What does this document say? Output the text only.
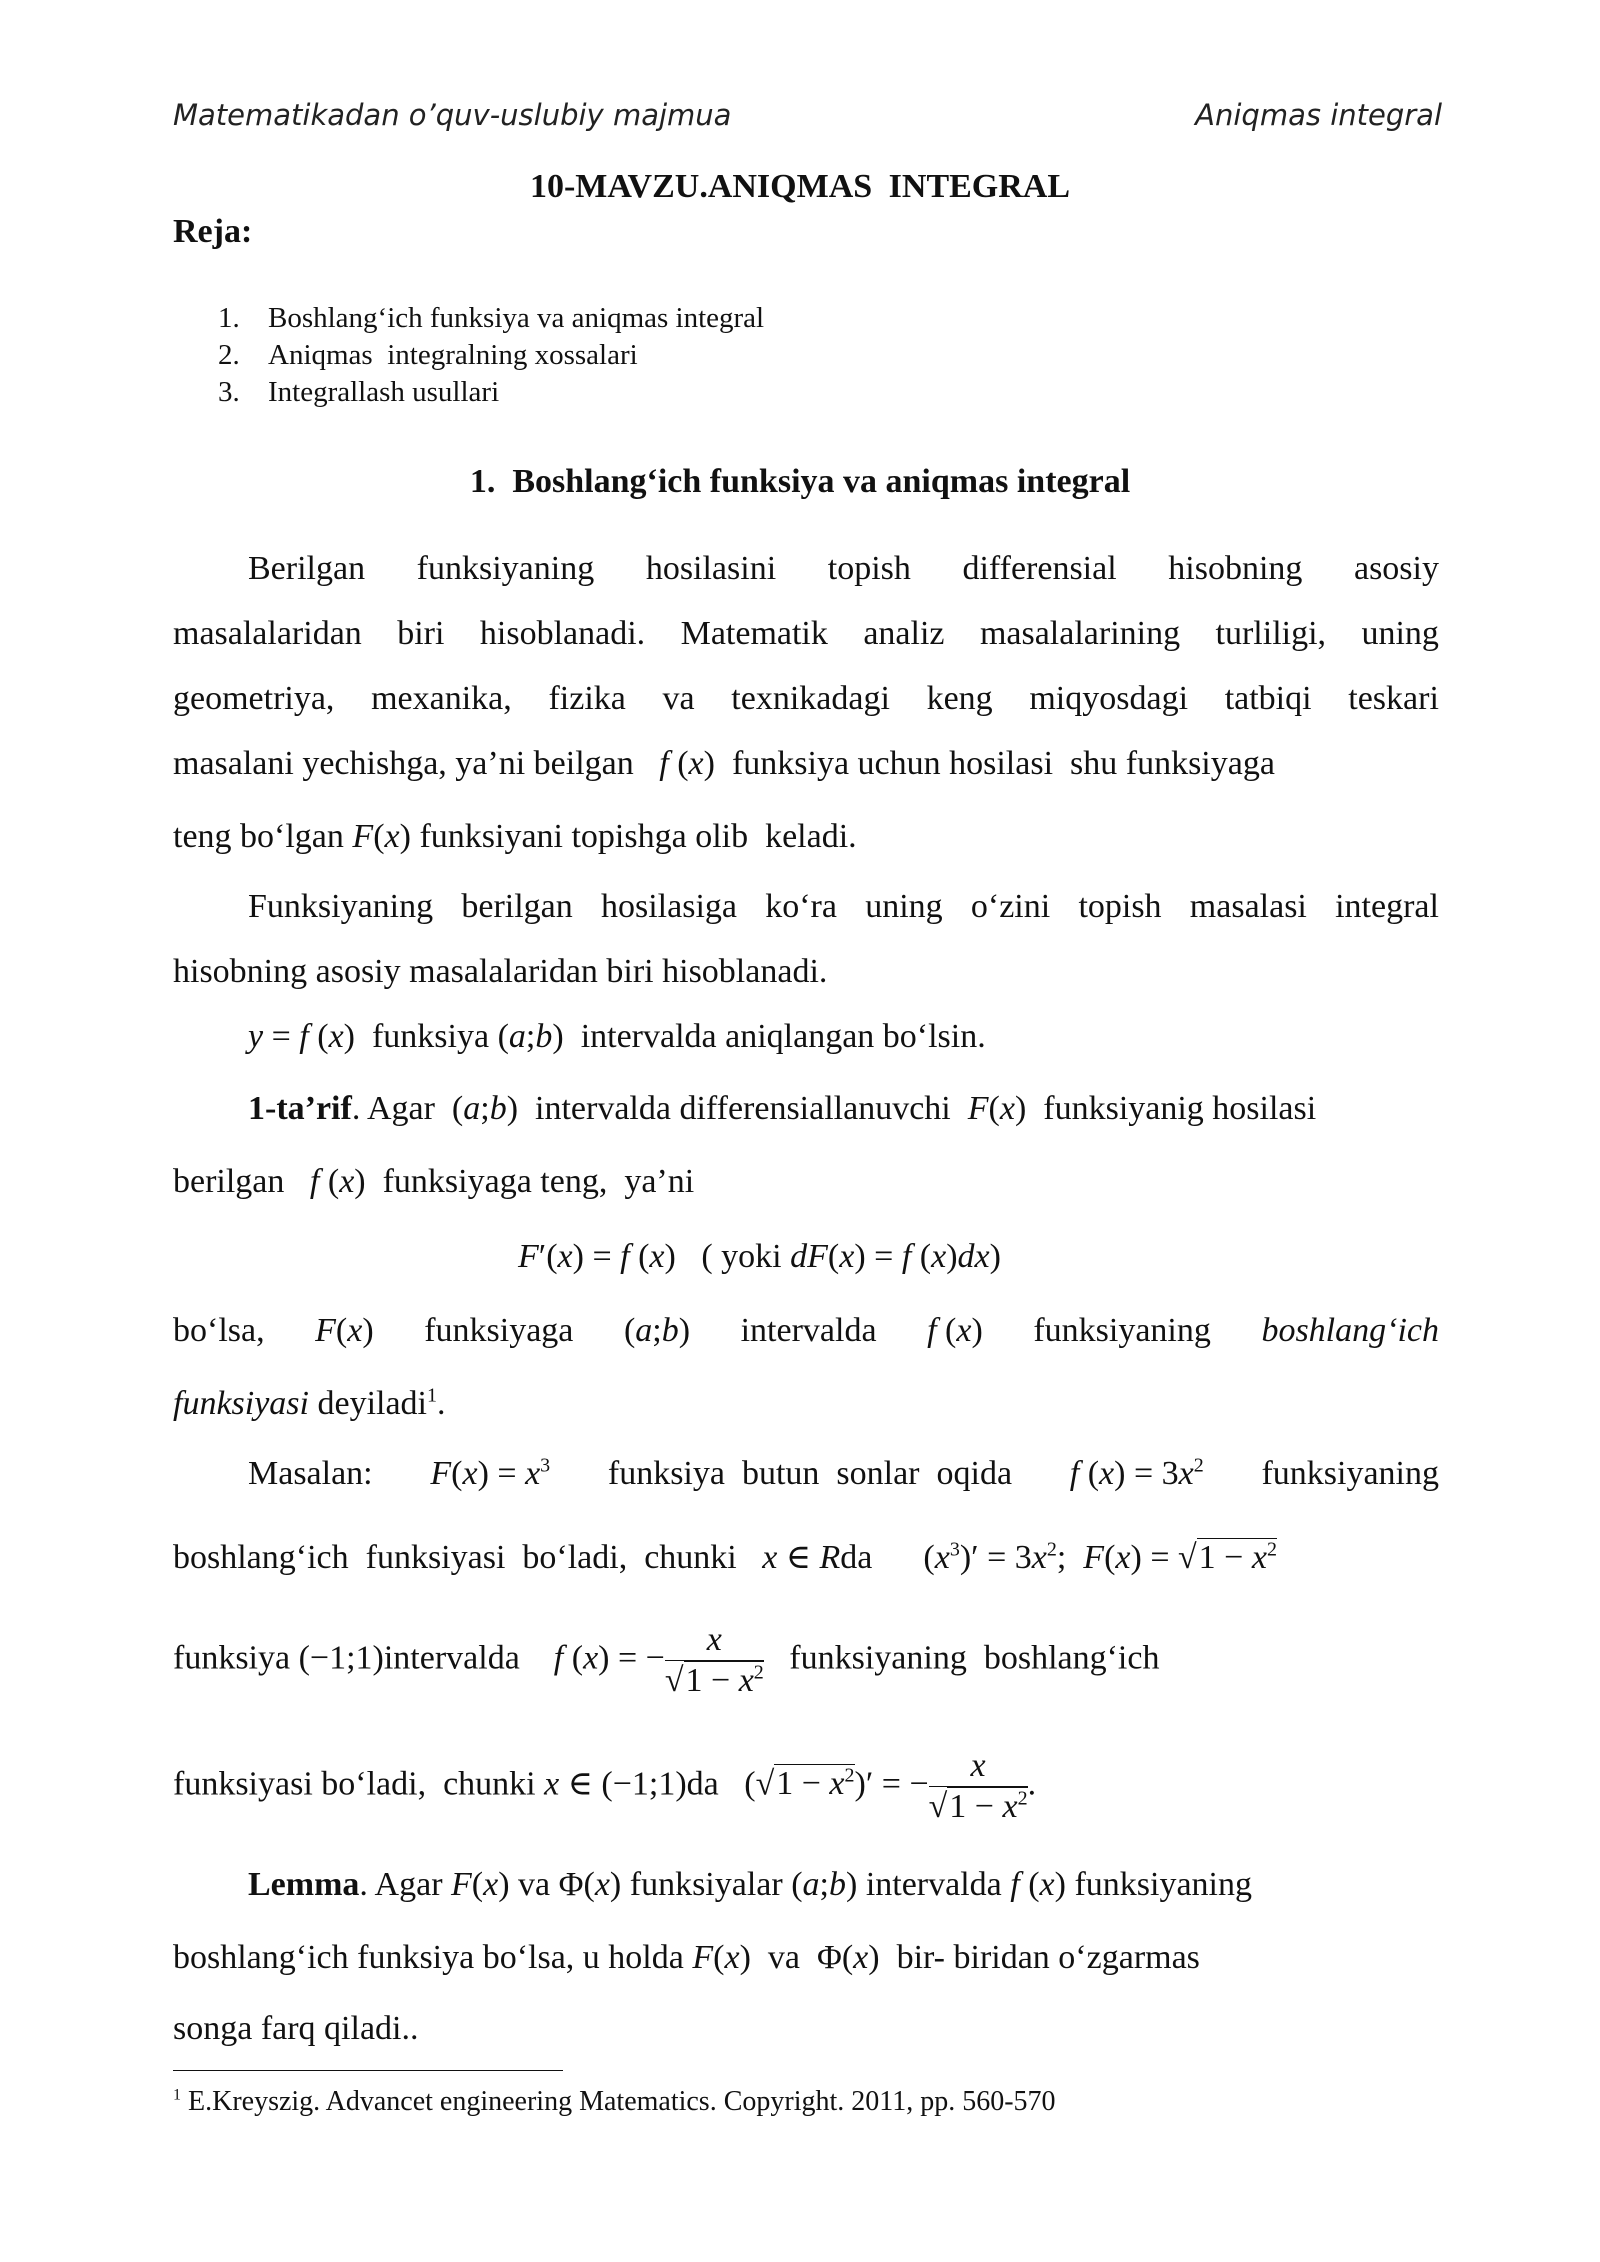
Matematikadan o’quv-uslubiy majmua	Aniqmas integral
10-MAVZU.ANIQMAS INTEGRAL
Reja:
1. Boshlang‘ich funksiya va aniqmas integral
2. Aniqmas  integralning xossalari
3. Integrallash usullari
1.  Boshlang‘ich funksiya va aniqmas integral
Berilgan funksiyaning hosilasini topish differensial hisobning asosiy
masalalaridan biri hisoblanadi. Matematik analiz masalalarining turliligi, uning
geometriya, mexanika, fizika va texnikadagi keng miqyosdagi tatbiqi teskari
masalani yechishga, ya’ni beilgan f (x)  funksiya uchun hosilasi  shu funksiyaga
teng bo‘lgan F(x) funksiyani topishga olib  keladi.
Funksiyaning berilgan hosilasiga ko‘ra uning o‘zini topish masalasi integral
hisobning asosiy masalalaridan biri hisoblanadi.
y = f (x)  funksiya (a;b)  intervalda aniqlangan bo‘lsin.
1-ta’rif. Agar  (a;b)  intervalda differensiallanuvchi F(x)  funksiyanig hosilasi
berilgan f (x)  funksiyaga teng,  ya’ni
F′(x) = f (x)   ( yoki dF(x) = f (x)dx)
bo‘lsa, F(x) funksiyaga (a;b) intervalda f (x) funksiyaning boshlang‘ich
funksiyasi deyiladi$^1$.
Masalan: $F(x) = x^3$ funksiya  butun  sonlar  oqida f $(x) = 3x^2$ funksiyaning
boshlang‘ich  funksiyasi  bo‘ladi,  chunki x ∈ Rda      $(x^3)' = 3x^2$;  $F(x) = √1 - x^2$
funksiya (−1;1)intervalda f (x) = − $\frac{x}{√1 - x^2}$ funksiyaning  boshlang‘ich
funksiyasi bo‘ladi,  chunki x ∈ (−1;1)da   $(√1 - x^2)'$ = − $\frac{x}{√1 - x^2}$ .
Lemma. Agar F(x) va Φ(x) funksiyalar (a;b) intervalda f (x) funksiyaning
boshlang‘ich funksiya bo‘lsa, u holda F(x)  va  Φ(x)  bir- biridan o‘zgarmas
songa farq qiladi..
$^1$ E.Kreyszig. Advancet engineering Matematics. Copyright. 2011, pp. 560-570
